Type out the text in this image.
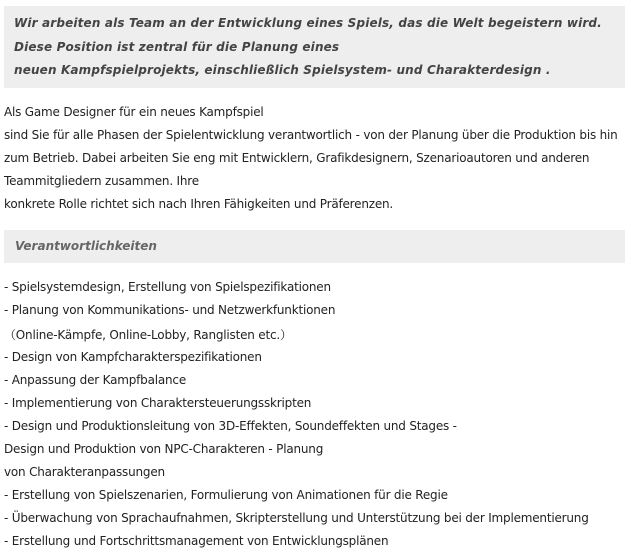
Wir arbeiten als Team an der Entwicklung eines Spiels, das die Welt begeistern wird.
Diese Position ist zentral für die Planung eines
neuen Kampfspielprojekts, einschließlich Spielsystem- und Charakterdesign .
Als Game Designer für ein neues Kampfspiel
sind Sie für alle Phasen der Spielentwicklung verantwortlich - von der Planung über die Produktion bis hin
zum Betrieb. Dabei arbeiten Sie eng mit Entwicklern, Grafikdesignern, Szenarioautoren und anderen
Teammitgliedern zusammen. Ihre
konkrete Rolle richtet sich nach Ihren Fähigkeiten und Präferenzen.
Verantwortlichkeiten
- Spielsystemdesign, Erstellung von Spielspezifikationen
- Planung von Kommunikations- und Netzwerkfunktionen
（Online-Kämpfe, Online-Lobby, Ranglisten etc.）
- Design von Kampfcharakterspezifikationen
- Anpassung der Kampfbalance
- Implementierung von Charaktersteuerungsskripten
- Design und Produktionsleitung von 3D-Effekten, Soundeffekten und Stages -
Design und Produktion von NPC-Charakteren - Planung
von Charakteranpassungen
- Erstellung von Spielszenarien, Formulierung von Animationen für die Regie
- Überwachung von Sprachaufnahmen, Skripterstellung und Unterstützung bei der Implementierung
- Erstellung und Fortschrittsmanagement von Entwicklungsplänen
